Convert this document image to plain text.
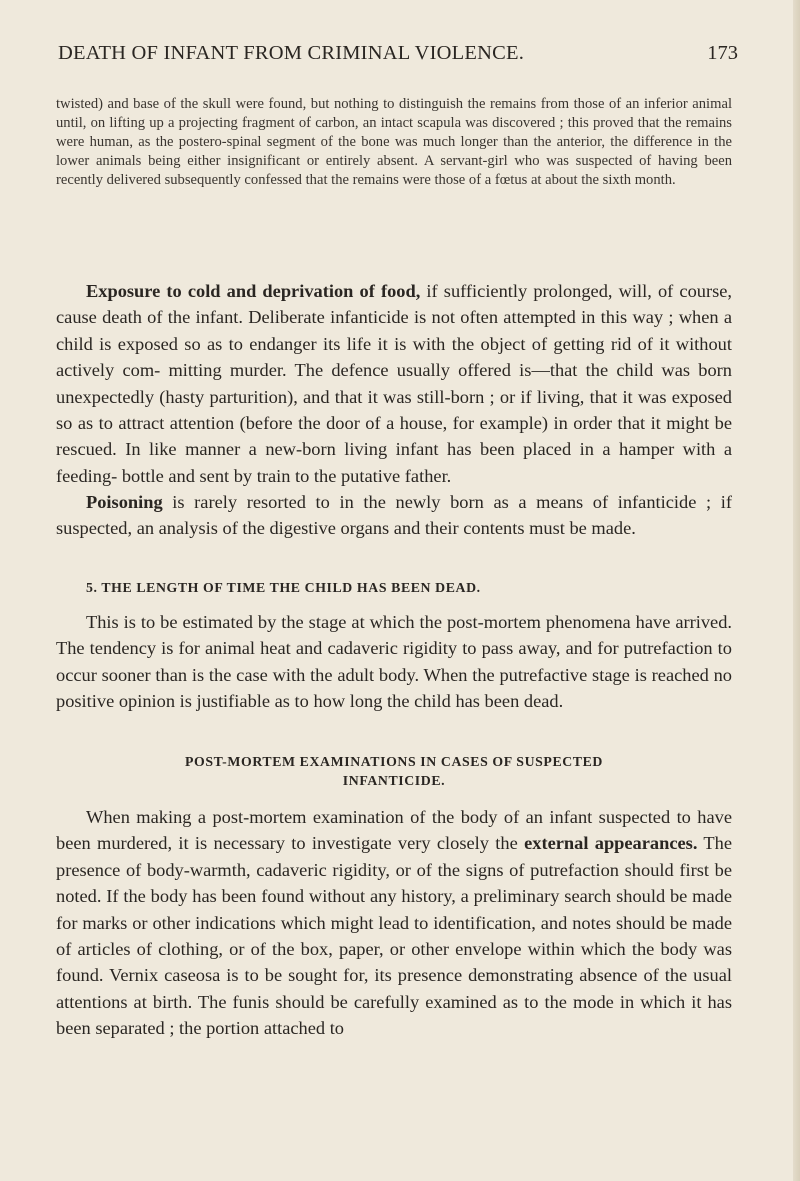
DEATH OF INFANT FROM CRIMINAL VIOLENCE.	173

twisted) and base of the skull were found, but nothing to distinguish the remains from those of an inferior animal until, on lifting up a projecting fragment of carbon, an intact scapula was discovered ; this proved that the remains were human, as the postero-spinal segment of the bone was much longer than the anterior, the difference in the lower animals being either insignificant or entirely absent. A servant-girl who was suspected of having been recently delivered subsequently confessed that the remains were those of a fœtus at about the sixth month.

Exposure to cold and deprivation of food, if sufficiently prolonged, will, of course, cause death of the infant. Deliberate infanticide is not often attempted in this way ; when a child is exposed so as to endanger its life it is with the object of getting rid of it without actively com- mitting murder. The defence usually offered is—that the child was born unexpectedly (hasty parturition), and that it was still-born ; or if living, that it was exposed so as to attract attention (before the door of a house, for example) in order that it might be rescued. In like manner a new-born living infant has been placed in a hamper with a feeding- bottle and sent by train to the putative father.

Poisoning is rarely resorted to in the newly born as a means of infanticide ; if suspected, an analysis of the digestive organs and their contents must be made.

5. THE LENGTH OF TIME THE CHILD HAS BEEN DEAD.

This is to be estimated by the stage at which the post-mortem phenomena have arrived. The tendency is for animal heat and cadaveric rigidity to pass away, and for putrefaction to occur sooner than is the case with the adult body. When the putrefactive stage is reached no positive opinion is justifiable as to how long the child has been dead.

POST-MORTEM EXAMINATIONS IN CASES OF SUSPECTED
INFANTICIDE.

When making a post-mortem examination of the body of an infant suspected to have been murdered, it is necessary to investigate very closely the external appearances. The presence of body-warmth, cadaveric rigidity, or of the signs of putrefaction should first be noted. If the body has been found without any history, a preliminary search should be made for marks or other indications which might lead to identification, and notes should be made of articles of clothing, or of the box, paper, or other envelope within which the body was found. Vernix caseosa is to be sought for, its presence demonstrating absence of the usual attentions at birth. The funis should be carefully examined as to the mode in which it has been separated ; the portion attached to
